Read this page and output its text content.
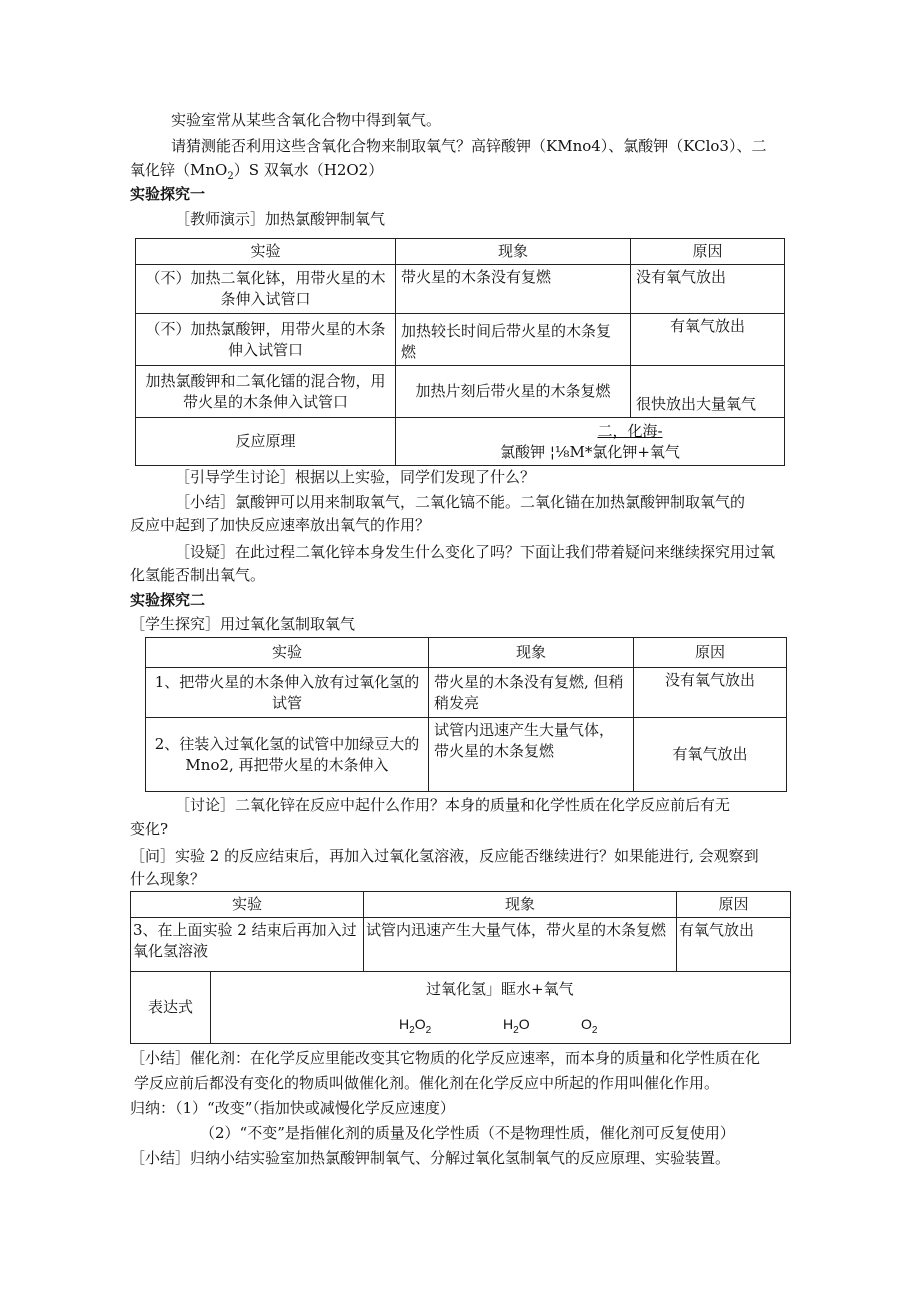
实验室常从某些含氧化合物中得到氧气。
请猜测能否利用这些含氧化合物来制取氧气？高锌酸钾（KMno4）、氯酸钾（KClo3）、二
氧化锌（MnO$_2$）S 双氧水（H2O2）
实验探究一
［教师演示］加热氯酸钾制氧气
实验	现象	原因
（不）加热二氧化钵，用带火星的木条伸入试管口	带火星的木条没有复燃	没有氧气放出
（不）加热氯酸钾，用带火星的木条伸入试管口	加热较长时间后带火星的木条复燃	有氧气放出
加热氯酸钾和二氧化镭的混合物，用带火星的木条伸入试管口	加热片刻后带火星的木条复燃	很快放出大量氧气
反应原理	二，化海-
氯酸钾 ¦⅛M*氯化钾+氧气	
［引导学生讨论］根据以上实验，同学们发现了什么？
［小结］氯酸钾可以用来制取氧气，二氧化镐不能。二氧化锚在加热氯酸钾制取氧气的
反应中起到了加快反应速率放出氧气的作用？
［设疑］在此过程二氧化锌本身发生什么变化了吗？下面让我们带着疑问来继续探究用过氧
化氢能否制出氧气。
实验探究二
［学生探究］用过氧化氢制取氧气
实验	现象	原因
1、把带火星的木条伸入放有过氧化氢的试管	带火星的木条没有复燃, 但稍稍发亮	没有氧气放出
2、往装入过氧化氢的试管中加绿豆大的 Mno2, 再把带火星的木条伸入	试管内迅速产生大量气体，带火星的木条复燃	有氧气放出
［讨论］二氧化锌在反应中起什么作用？本身的质量和化学性质在化学反应前后有无
变化?
［问］实验 2 的反应结束后，再加入过氧化氢溶液，反应能否继续进行？如果能进行, 会观察到
什么现象？
实验		现象	原因
3、在上面实验 2 结束后再加入过氧化氢溶液		试管内迅速产生大量气体，带火星的木条复燃	有氧气放出
表达式	过氧化氢」眶水+氧气
$H_2O_2$ $H_2O$ $O_2$
［小结］催化剂：在化学反应里能改变其它物质的化学反应速率，而本身的质量和化学性质在化
学反应前后都没有变化的物质叫做催化剂。催化剂在化学反应中所起的作用叫催化作用。
归纳：（1）“改变”（指加快或减慢化学反应速度）
（2）“不变”是指催化剂的质量及化学性质（不是物理性质，催化剂可反复使用）
［小结］归纳小结实验室加热氯酸钾制氧气、分解过氧化氢制氧气的反应原理、实验装置。
